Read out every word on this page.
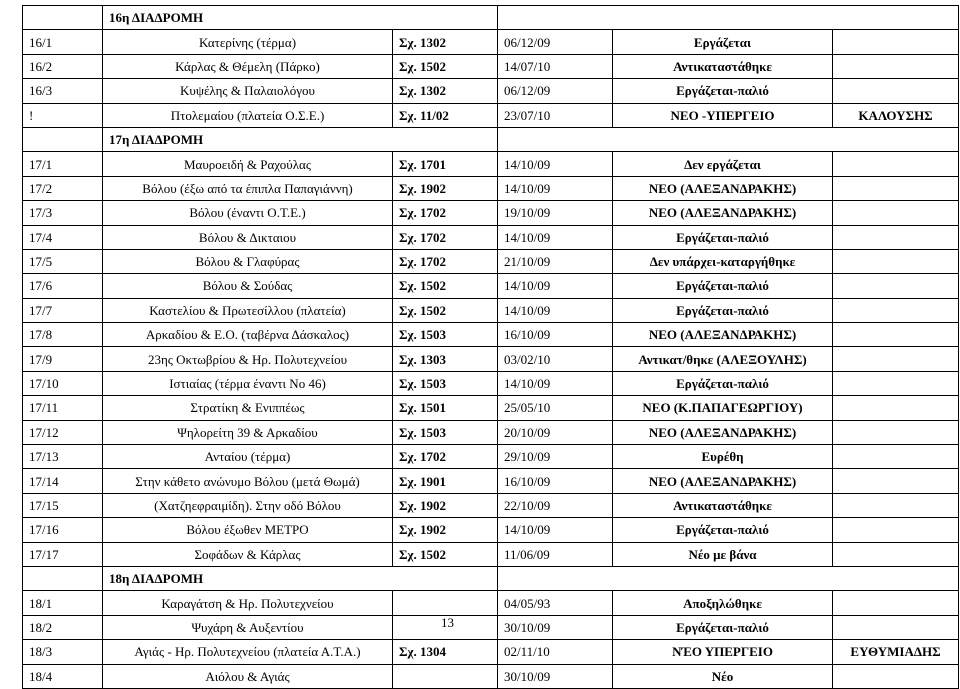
	16η ΔΙΑΔΡΟΜΗ				
16/1	Κατερίνης (τέρμα)	Σχ. 1302	06/12/09	Εργάζεται	
16/2	Κάρλας & Θέμελη (Πάρκο)	Σχ. 1502	14/07/10	Αντικαταστάθηκε	
16/3	Κυψέλης & Παλαιολόγου	Σχ. 1302	06/12/09	Εργάζεται-παλιό	
!	Πτολεμαίου (πλατεία Ο.Σ.Ε.)	Σχ. 11/02	23/07/10	ΝΕΟ -ΥΠΕΡΓΕΙΟ	ΚΑΛΟΥΣΗΣ
	17η ΔΙΑΔΡΟΜΗ				
17/1	Μαυροειδή & Ραχούλας	Σχ. 1701	14/10/09	Δεν εργάζεται	
17/2	Βόλου (έξω από τα έπιπλα Παπαγιάννη)	Σχ. 1902	14/10/09	ΝΕΟ (ΑΛΕΞΑΝΔΡΑΚΗΣ)	
17/3	Βόλου (έναντι Ο.Τ.Ε.)	Σχ. 1702	19/10/09	ΝΕΟ (ΑΛΕΞΑΝΔΡΑΚΗΣ)	
17/4	Βόλου & Δικταιου	Σχ. 1702	14/10/09	Εργάζεται-παλιό	
17/5	Βόλου & Γλαφύρας	Σχ. 1702	21/10/09	Δεν υπάρχει-καταργήθηκε	
17/6	Βόλου & Σούδας	Σχ. 1502	14/10/09	Εργάζεται-παλιό	
17/7	Καστελίου & Πρωτεσίλλου (πλατεία)	Σχ. 1502	14/10/09	Εργάζεται-παλιό	
17/8	Αρκαδίου & Ε.Ο. (ταβέρνα Δάσκαλος)	Σχ. 1503	16/10/09	ΝΕΟ (ΑΛΕΞΑΝΔΡΑΚΗΣ)	
17/9	23ης Οκτωβρίου & Ηρ. Πολυτεχνείου	Σχ. 1303	03/02/10	Αντικατ/θηκε (ΑΛΕΞΟΥΛΗΣ)	
17/10	Ιστιαίας (τέρμα έναντι Νο 46)	Σχ. 1503	14/10/09	Εργάζεται-παλιό	
17/11	Στρατίκη & Ενιππέως	Σχ. 1501	25/05/10	ΝΕΟ (Κ.ΠΑΠΑΓΕΩΡΓΙΟΥ)	
17/12	Ψηλορείτη 39 & Αρκαδίου	Σχ. 1503	20/10/09	ΝΕΟ (ΑΛΕΞΑΝΔΡΑΚΗΣ)	
17/13	Ανταίου (τέρμα)	Σχ. 1702	29/10/09	Ευρέθη	
17/14	Στην κάθετο ανώνυμο Βόλου (μετά Θωμά)	Σχ. 1901	16/10/09	ΝΕΟ (ΑΛΕΞΑΝΔΡΑΚΗΣ)	
17/15	(Χατζηεφραιμίδη). Στην οδό Βόλου	Σχ. 1902	22/10/09	Αντικαταστάθηκε	
17/16	Βόλου έξωθεν ΜΕΤΡΟ	Σχ. 1902	14/10/09	Εργάζεται-παλιό	
17/17	Σοφάδων & Κάρλας	Σχ. 1502	11/06/09	Νέο με βάνα	
	18η ΔΙΑΔΡΟΜΗ				
18/1	Καραγάτση & Ηρ. Πολυτεχνείου		04/05/93	Αποξηλώθηκε	
18/2	Ψυχάρη & Αυξεντίου		30/10/09	Εργάζεται-παλιό	
18/3	Αγιάς - Ηρ. Πολυτεχνείου (πλατεία Α.Τ.Α.)	Σχ. 1304	02/11/10	ΝΈΟ ΥΠΕΡΓΕΙΟ	ΕΥΘΥΜΙΑΔΗΣ
18/4	Αιόλου & Αγιάς		30/10/09	Νέο	
13
